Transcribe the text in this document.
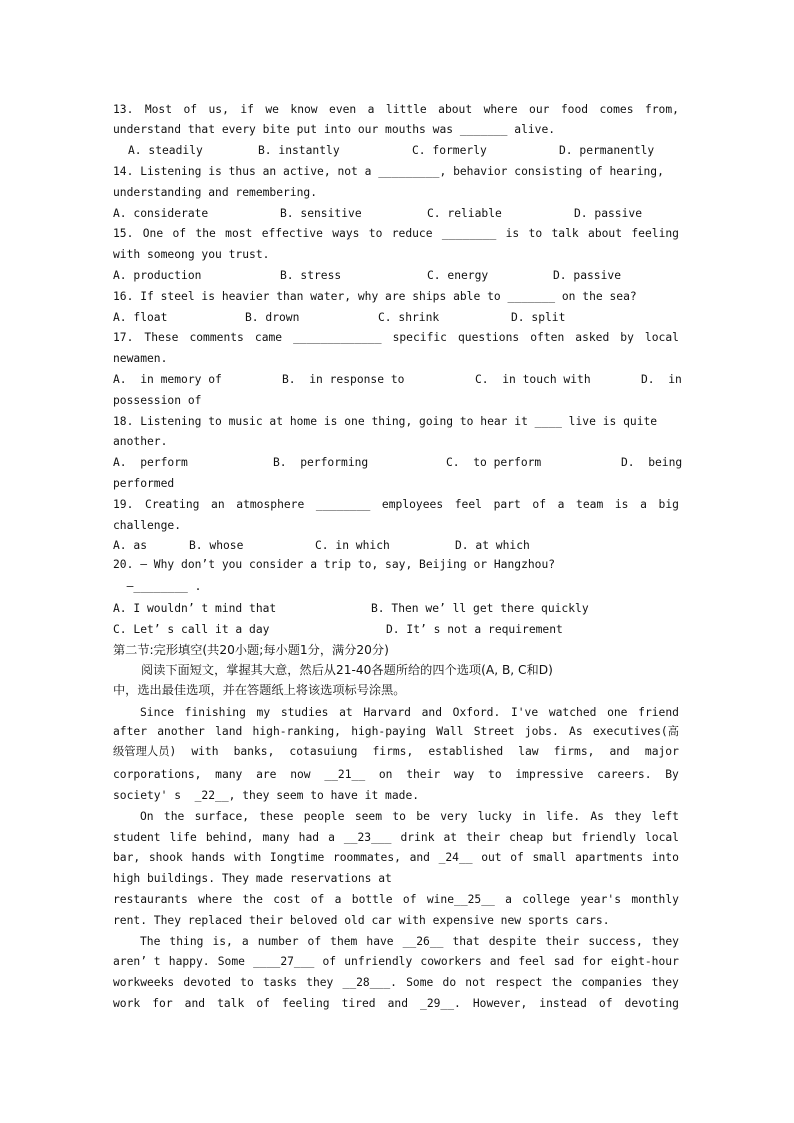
13. Most of us, if we know even a little about where our food comes from,
understand that every bite put into our mouths was _______ alive.
A. steadily	B. instantly	C. formerly	D. permanently
14. Listening is thus an active, not a _________, behavior consisting of hearing,
understanding and remembering.
A. considerate	B. sensitive	C. reliable	D. passive
15. One of the most effective ways to reduce ________ is to talk about feeling
with someong you trust.
A. production	B. stress	C. energy	D. passive
16. If steel is heavier than water, why are ships able to _______ on the sea?
A. float	B. drown	C. shrink	D. split
17. These comments came _____________ specific questions often asked by local
newamen.
A.  in memory of	B.  in response to	C.  in touch with	D.  in
possession of
18. Listening to music at home is one thing, going to hear it ____ live is quite
another.
A.  perform	B.  performing	C.  to perform	D.  being
performed
19. Creating an atmosphere ________ employees feel part of a team is a big
challenge.
A. as	B. whose	C. in which	D. at which
20. — Why don’t you consider a trip to, say, Beijing or Hangzhou?
—________ .
A. I wouldn’ t mind that	B. Then we’ ll get there quickly
C. Let’ s call it a day	D. It’ s not a requirement
第二节:完形填空(共20小题;每小题1分，满分20分)
阅读下面短文，掌握其大意，然后从21-40各题所给的四个选项(A, B, C和D)
中，选出最佳选项，并在答题纸上将该选项标号涂黑。
Since finishing my studies at Harvard and Oxford. I've watched one friend
after another land high-ranking, high-paying Wall Street jobs. As executives(高
级管理人员) with banks, cotasuiung firms, established law firms, and major
corporations, many are now __21__ on their way to impressive careers. By
society' s  _22__, they seem to have it made.
On the surface, these people seem to be very lucky in life. As they left
student life behind, many had a __23___ drink at their cheap but friendly local
bar, shook hands with Iongtime roommates, and _24__ out of small apartments into
high buildings. They made reservations at
restaurants where the cost of a bottle of wine__25__ a college year's monthly
rent. They replaced their beloved old car with expensive new sports cars.
The thing is, a number of them have __26__ that despite their success, they
aren’ t happy. Some ____27___ of unfriendly coworkers and feel sad for eight-hour
workweeks devoted to tasks they __28___. Some do not respect the companies they
work for and talk of feeling tired and _29__. However, instead of devoting
